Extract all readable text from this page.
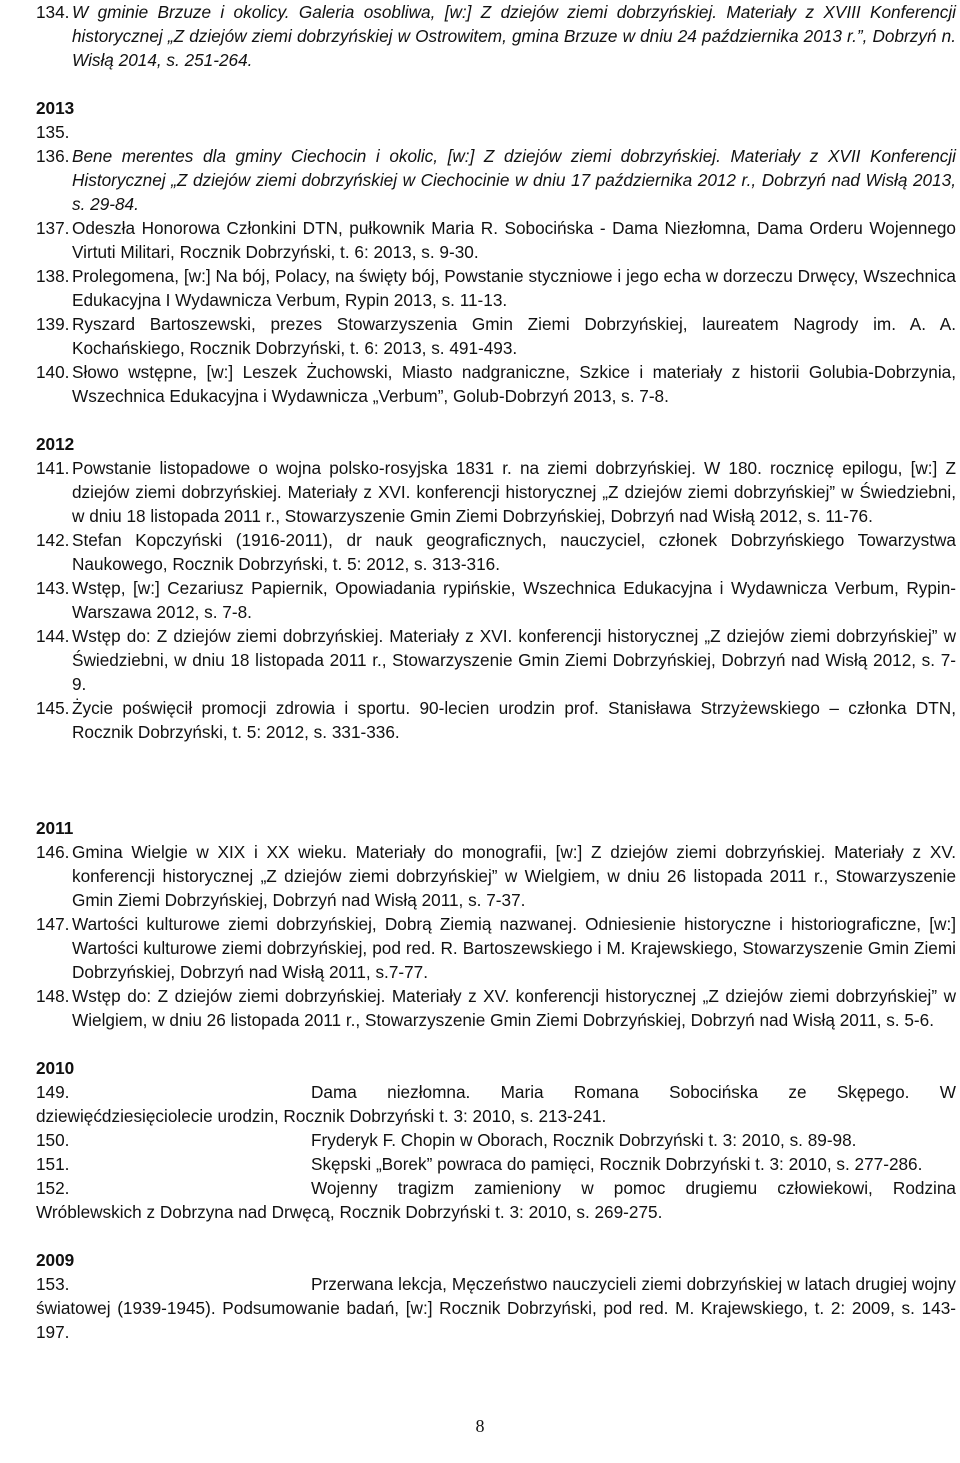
134. W gminie Brzuze i okolicy. Galeria osobliwa, [w:] Z dziejów ziemi dobrzyńskiej. Materiały z XVIII Konferencji historycznej „Z dziejów ziemi dobrzyńskiej w Ostrowitem, gmina Brzuze w dniu 24 października 2013 r.”, Dobrzyń n. Wisłą 2014, s. 251-264.

2013

135.

136. Bene merentes dla gminy Ciechocin i okolic, [w:] Z dziejów ziemi dobrzyńskiej. Materiały z XVII Konferencji Historycznej „Z dziejów ziemi dobrzyńskiej w Ciechocinie w dniu 17 października 2012 r., Dobrzyń nad Wisłą 2013, s. 29-84.

137. Odeszła Honorowa Członkini DTN, pułkownik Maria R. Sobocińska - Dama Niezłomna, Dama Orderu Wojennego Virtuti Militari, Rocznik Dobrzyński, t. 6: 2013, s. 9-30.

138. Prolegomena, [w:] Na bój, Polacy, na święty bój, Powstanie styczniowe i jego echa w dorzeczu Drwęcy, Wszechnica Edukacyjna I Wydawnicza Verbum, Rypin 2013, s. 11-13.

139. Ryszard Bartoszewski, prezes Stowarzyszenia Gmin Ziemi Dobrzyńskiej, laureatem Nagrody im. A. A. Kochańskiego, Rocznik Dobrzyński, t. 6: 2013, s. 491-493.

140. Słowo wstępne, [w:] Leszek Żuchowski, Miasto nadgraniczne, Szkice i materiały z historii Golubia-Dobrzynia, Wszechnica Edukacyjna i Wydawnicza „Verbum”, Golub-Dobrzyń 2013, s. 7-8.

2012

141. Powstanie listopadowe o wojna polsko-rosyjska 1831 r. na ziemi dobrzyńskiej. W 180. rocznicę epilogu, [w:] Z dziejów ziemi dobrzyńskiej. Materiały z XVI. konferencji historycznej „Z dziejów ziemi dobrzyńskiej” w Świedziebni, w dniu 18 listopada 2011 r., Stowarzyszenie Gmin Ziemi Dobrzyńskiej, Dobrzyń nad Wisłą 2012, s. 11-76.

142. Stefan Kopczyński (1916-2011), dr nauk geograficznych, nauczyciel, członek Dobrzyńskiego Towarzystwa Naukowego, Rocznik Dobrzyński, t. 5: 2012, s. 313-316.

143. Wstęp, [w:] Cezariusz Papiernik, Opowiadania rypińskie, Wszechnica Edukacyjna i Wydawnicza Verbum, Rypin-Warszawa 2012, s. 7-8.

144. Wstęp do: Z dziejów ziemi dobrzyńskiej. Materiały z XVI. konferencji historycznej „Z dziejów ziemi dobrzyńskiej” w Świedziebni, w dniu 18 listopada 2011 r., Stowarzyszenie Gmin Ziemi Dobrzyńskiej, Dobrzyń nad Wisłą 2012, s. 7-9.

145. Życie poświęcił promocji zdrowia i sportu. 90-lecien urodzin prof. Stanisława Strzyżewskiego – członka DTN, Rocznik Dobrzyński, t. 5: 2012, s. 331-336.

2011

146. Gmina Wielgie w XIX i XX wieku. Materiały do monografii, [w:] Z dziejów ziemi dobrzyńskiej. Materiały z XV. konferencji historycznej „Z dziejów ziemi dobrzyńskiej” w Wielgiem, w dniu 26 listopada 2011 r., Stowarzyszenie Gmin Ziemi Dobrzyńskiej, Dobrzyń nad Wisłą 2011, s. 7-37.

147. Wartości kulturowe ziemi dobrzyńskiej, Dobrą Ziemią nazwanej. Odniesienie historyczne i historiograficzne, [w:] Wartości kulturowe ziemi dobrzyńskiej, pod red. R. Bartoszewskiego i M. Krajewskiego, Stowarzyszenie Gmin Ziemi Dobrzyńskiej, Dobrzyń nad Wisłą 2011, s.7-77.

148. Wstęp do: Z dziejów ziemi dobrzyńskiej. Materiały z XV. konferencji historycznej „Z dziejów ziemi dobrzyńskiej” w Wielgiem, w dniu 26 listopada 2011 r., Stowarzyszenie Gmin Ziemi Dobrzyńskiej, Dobrzyń nad Wisłą 2011, s. 5-6.

2010

149.	Dama niezłomna. Maria Romana Sobocińska ze Skępego. W dziewięćdziesięciolecie urodzin, Rocznik Dobrzyński t. 3: 2010, s. 213-241.

150.	Fryderyk F. Chopin w Oborach, Rocznik Dobrzyński t. 3: 2010, s. 89-98.

151.	Skępski „Borek” powraca do pamięci, Rocznik Dobrzyński t. 3: 2010, s. 277-286.

152.	Wojenny tragizm zamieniony w pomoc drugiemu człowiekowi, Rodzina Wróblewskich z Dobrzyna nad Drwęcą, Rocznik Dobrzyński t. 3: 2010, s. 269-275.

2009

153.	Przerwana lekcja, Męczeństwo nauczycieli ziemi dobrzyńskiej w latach drugiej wojny światowej (1939-1945). Podsumowanie badań, [w:] Rocznik Dobrzyński, pod red. M. Krajewskiego, t. 2: 2009, s. 143-197.

8
